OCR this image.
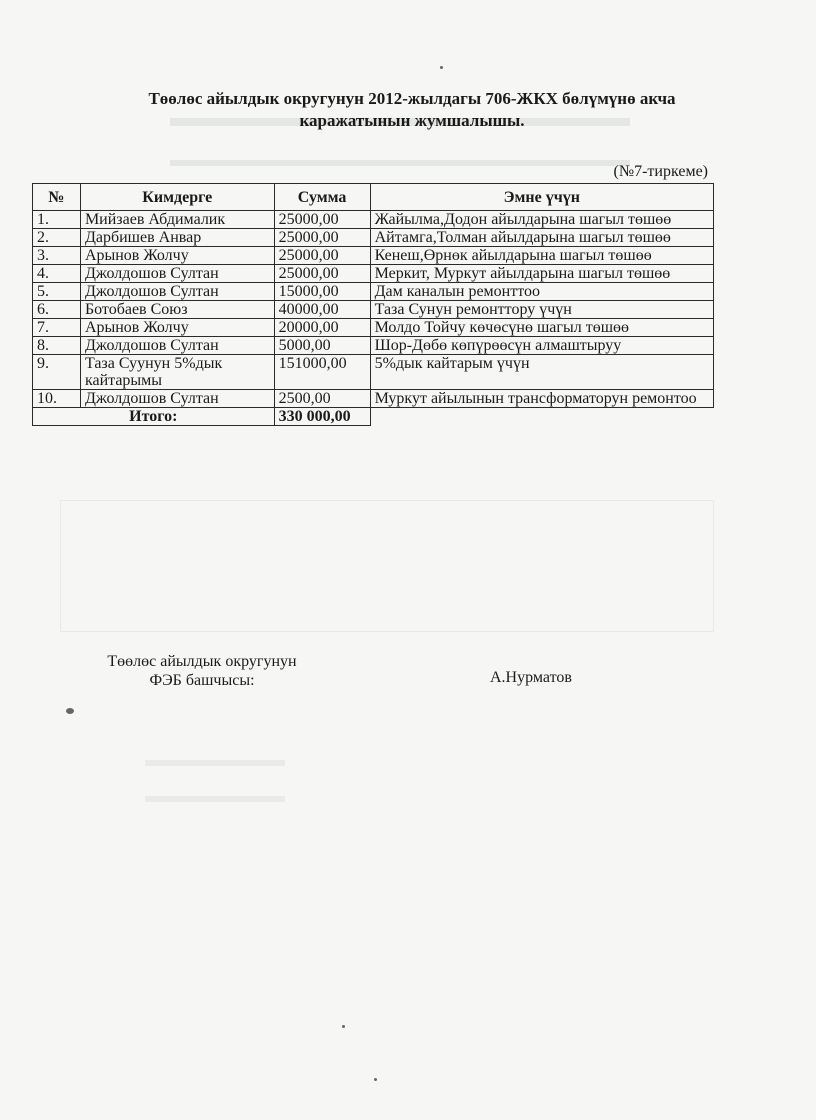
Төөлөс айылдык округунун 2012-жылдагы 706-ЖКХ бөлүмүнө акча каражатынын жумшалышы.
(№7-тиркеме)
№	Кимдерге	Сумма	Эмне үчүн
1.	Мийзаев Абдималик	25000,00	Жайылма,Додон айылдарына шагыл төшөө
2.	Дарбишев Анвар	25000,00	Айтамга,Толман айылдарына шагыл төшөө
3.	Арынов Жолчу	25000,00	Кенеш,Өрнөк айылдарына шагыл төшөө
4.	Джолдошов Султан	25000,00	Меркит, Муркут айылдарына шагыл төшөө
5.	Джолдошов Султан	15000,00	Дам каналын ремонттоо
6.	Ботобаев Союз	40000,00	Таза Сунун ремонттору үчүн
7.	Арынов Жолчу	20000,00	Молдо Тойчу көчөсүнө шагыл төшөө
8.	Джолдошов Султан	5000,00	Шор-Дөбө көпүрөөсүн алмаштыруу
9.	Таза Суунун 5%дык кайтарымы	151000,00	5%дык кайтарым үчүн
10.	Джолдошов Султан	2500,00	Муркут айылынын трансформаторун ремонтоо
Итого:		330 000,00	
Төөлөс айылдык округунун ФЭБ башчысы:	А.Нурматов
